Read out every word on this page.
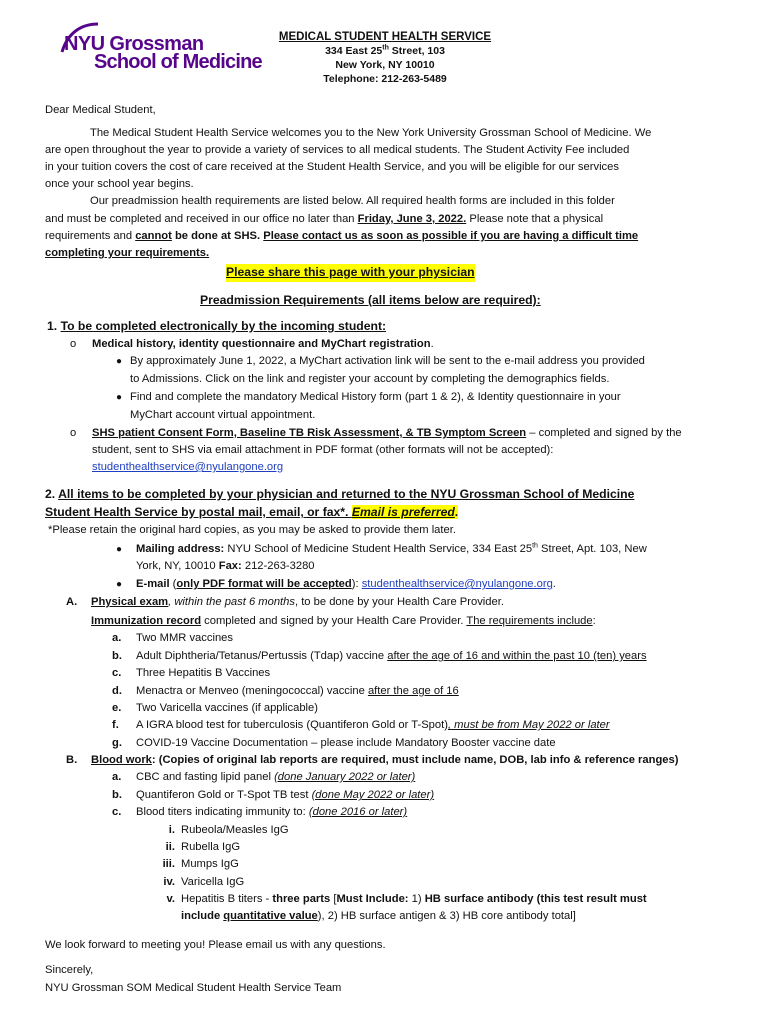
NYU Grossman
School of Medicine
MEDICAL STUDENT HEALTH SERVICE
334 East 25th Street, 103
New York, NY 10010
Telephone: 212-263-5489
Dear Medical Student,
The Medical Student Health Service welcomes you to the New York University Grossman School of Medicine. We
are open throughout the year to provide a variety of services to all medical students. The Student Activity Fee included
in your tuition covers the cost of care received at the Student Health Service, and you will be eligible for our services
once your school year begins.
Our preadmission health requirements are listed below. All required health forms are included in this folder
and must be completed and received in our office no later than Friday, June 3, 2022. Please note that a physical
requirements and cannot be done at SHS. Please contact us as soon as possible if you are having a difficult time
completing your requirements.
Please share this page with your physician
Preadmission Requirements (all items below are required):
1. To be completed electronically by the incoming student:
o Medical history, identity questionnaire and MyChart registration.
● By approximately June 1, 2022, a MyChart activation link will be sent to the e-mail address you provided
to Admissions. Click on the link and register your account by completing the demographics fields.
● Find and complete the mandatory Medical History form (part 1 & 2), & Identity questionnaire in your
MyChart account virtual appointment.
o SHS patient Consent Form, Baseline TB Risk Assessment, & TB Symptom Screen – completed and signed by the
student, sent to SHS via email attachment in PDF format (other formats will not be accepted):
studenthealthservice@nyulangone.org
2. All items to be completed by your physician and returned to the NYU Grossman School of Medicine
Student Health Service by postal mail, email, or fax*. Email is preferred.
*Please retain the original hard copies, as you may be asked to provide them later.
● Mailing address: NYU School of Medicine Student Health Service, 334 East 25th Street, Apt. 103, New
York, NY, 10010 Fax: 212-263-3280
● E-mail (only PDF format will be accepted): studenthealthservice@nyulangone.org.
A. Physical exam, within the past 6 months, to be done by your Health Care Provider.
Immunization record completed and signed by your Health Care Provider. The requirements include:
a. Two MMR vaccines
b. Adult Diphtheria/Tetanus/Pertussis (Tdap) vaccine after the age of 16 and within the past 10 (ten) years
c. Three Hepatitis B Vaccines
d. Menactra or Menveo (meningococcal) vaccine after the age of 16
e. Two Varicella vaccines (if applicable)
f. A IGRA blood test for tuberculosis (Quantiferon Gold or T-Spot), must be from May 2022 or later
g. COVID-19 Vaccine Documentation – please include Mandatory Booster vaccine date
B. Blood work: (Copies of original lab reports are required, must include name, DOB, lab info & reference ranges)
a. CBC and fasting lipid panel (done January 2022 or later)
b. Quantiferon Gold or T-Spot TB test (done May 2022 or later)
c. Blood titers indicating immunity to: (done 2016 or later)
i. Rubeola/Measles IgG
ii. Rubella IgG
iii. Mumps IgG
iv. Varicella IgG
v. Hepatitis B titers - three parts [Must Include: 1) HB surface antibody (this test result must
include quantitative value), 2) HB surface antigen & 3) HB core antibody total]
We look forward to meeting you! Please email us with any questions.
Sincerely,
NYU Grossman SOM Medical Student Health Service Team
